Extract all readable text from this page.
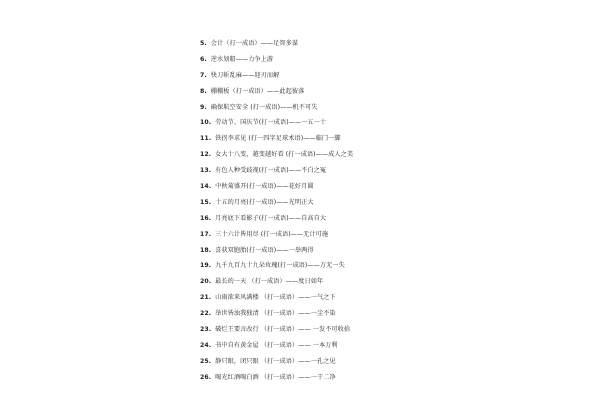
5. 会计（打一成语）——足智多谋
6. 逆水划船——力争上游
7. 快刀斩乱麻——迎刃而解
8. 棚棚板（打一成语）——此起彼落
9. 确保航空安全 (打一成语)——机不可失
10. 劳动节、国庆节(打一成语)——一五一十
11. 铁拐李求见 (打一四字足球术语)——临门一脚
12. 女大十八变，越变越好看 (打一成语)——成人之美
13. 有色人种受歧视(打一成语)——不白之冤
14. 中秋菊盛开(打一成语)——花好月圆
15. 十五的月亮(打一成语)——光明正大
16. 月亮底下看影子(打一成语)——自高自大
17. 三十六计皆用尽 (打一成语)——无计可施
18. 喜获双胞胎(打一成语)——一举两得
19. 九千九百九十九朵玫瑰(打一成语)——万无一失
20. 最长的一天 （打一成语）——度日如年
21. 山雨欲来风满楼 （打一成语）——一气之下
22. 举世皆浊我独清 （打一成语）——一尘不染
23. 破烂王要言改行 （打一成语）—— 一发不可收拾
24. 书中自有黄金屋 （打一成语）—— 一本万利
25. 静只眼，闭只眼 （打一成语）——一孔之见
26. 喝光红酒喝白酒 （打一成语）——一干二净
